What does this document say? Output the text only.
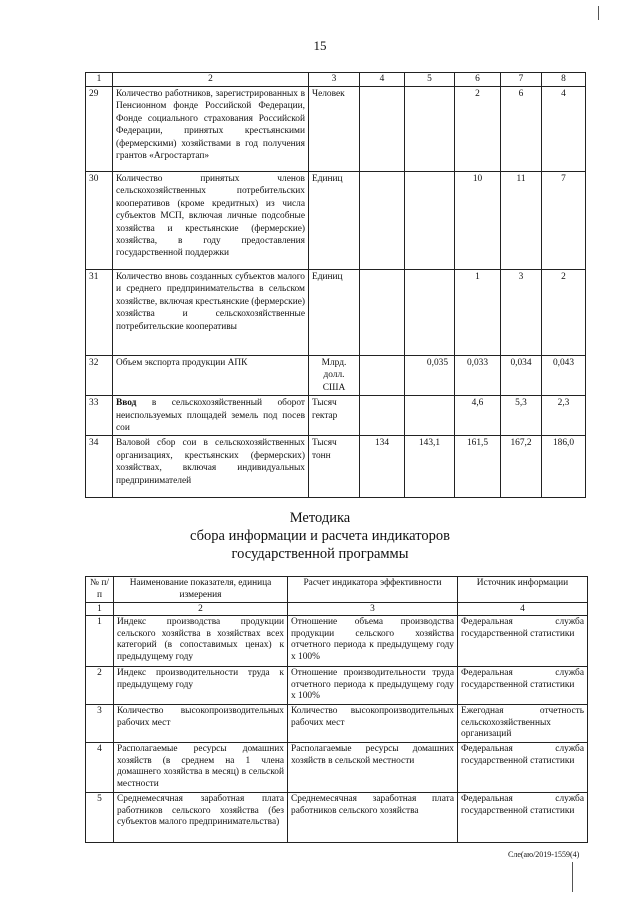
15
1	2	3	4	5	6	7	8
29	Количество работников, зарегистрированных в Пенсионном фонде Российской Федерации, Фонде социального страхования Российской Федерации, принятых крестьянскими (фермерскими) хозяйствами в год получения грантов «Агростартап»	Человек			2	6	4
30	Количество принятых членов сельскохозяйственных потребительских кооперативов (кроме кредитных) из числа субъектов МСП, включая личные подсобные хозяйства и крестьянские (фермерские) хозяйства, в году предоставления государственной поддержки	Единиц			10	11	7
31	Количество вновь созданных субъектов малого и среднего предпринимательства в сельском хозяйстве, включая крестьянские (фермерские) хозяйства и сельскохозяйственные потребительские кооперативы	Единиц			1	3	2
32	Объем экспорта продукции АПК	Млрд. долл. США		0,035	0,033	0,034	0,043
33	Ввод в сельскохозяйственный оборот неиспользуемых площадей земель под посев сои	Тысяч гектар			4,6	5,3	2,3
34	Валовой сбор сои в сельскохозяйственных организациях, крестьянских (фермерских) хозяйствах, включая индивидуальных предпринимателей	Тысяч тонн	134	143,1	161,5	167,2	186,0
Методика
сбора информации и расчета индикаторов
государственной программы
№ п/п	Наименование показателя, единица измерения	Расчет индикатора эффективности	Источник информации
1	2	3	4
1	Индекс производства продукции сельского хозяйства в хозяйствах всех категорий (в сопоставимых ценах) к предыдущему году	Отношение объема производства продукции сельского хозяйства отчетного периода к предыдущему году х 100%	Федеральная служба государственной статистики
2	Индекс производительности труда к предыдущему году	Отношение производительности труда отчетного периода к предыдущему году х 100%	Федеральная служба государственной статистики
3	Количество высокопроизводительных рабочих мест	Количество высокопроизводительных рабочих мест	Ежегодная отчетность сельскохозяйственных организаций
4	Располагаемые ресурсы домашних хозяйств (в среднем на 1 члена домашнего хозяйства в месяц) в сельской местности	Располагаемые ресурсы домашних хозяйств в сельской местности	Федеральная служба государственной статистики
5	Среднемесячная заработная плата работников сельского хозяйства (без субъектов малого предпринимательства)	Среднемесячная заработная плата работников сельского хозяйства	Федеральная служба государственной статистики
Сле(аю/2019-1559(4)
